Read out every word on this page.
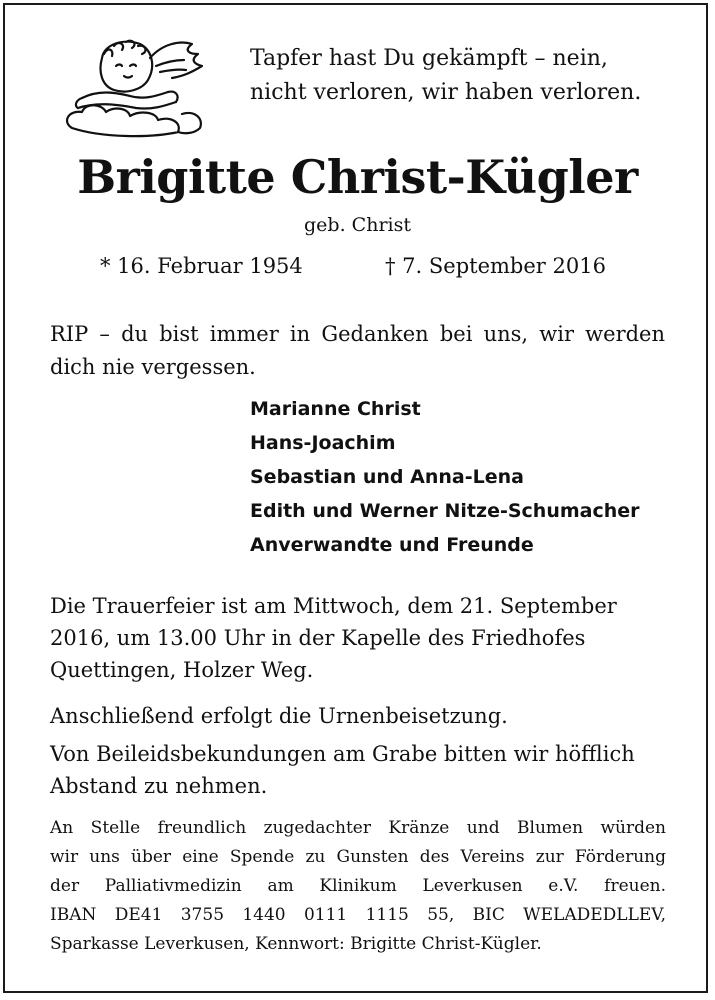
Tapfer hast Du gekämpft – nein,
nicht verloren, wir haben verloren.
Brigitte Christ-Kügler
geb. Christ
* 16. Februar 1954	† 7. September 2016
RIP – du bist immer in Gedanken bei uns, wir werden dich nie vergessen.
Marianne Christ
Hans-Joachim
Sebastian und Anna-Lena
Edith und Werner Nitze-Schumacher
Anverwandte und Freunde
Die Trauerfeier ist am Mittwoch, dem 21. September 2016, um 13.00 Uhr in der Kapelle des Friedhofes Quettingen, Holzer Weg.
Anschließend erfolgt die Urnenbeisetzung.
Von Beileidsbekundungen am Grabe bitten wir höfflich Abstand zu nehmen.
An Stelle freundlich zugedachter Kränze und Blumen würden
wir uns über eine Spende zu Gunsten des Vereins zur Förderung
der Palliativmedizin am Klinikum Leverkusen e.V. freuen.
IBAN DE41 3755 1440 0111 1115 55, BIC WELADEDLLEV,
Sparkasse Leverkusen, Kennwort: Brigitte Christ-Kügler.
